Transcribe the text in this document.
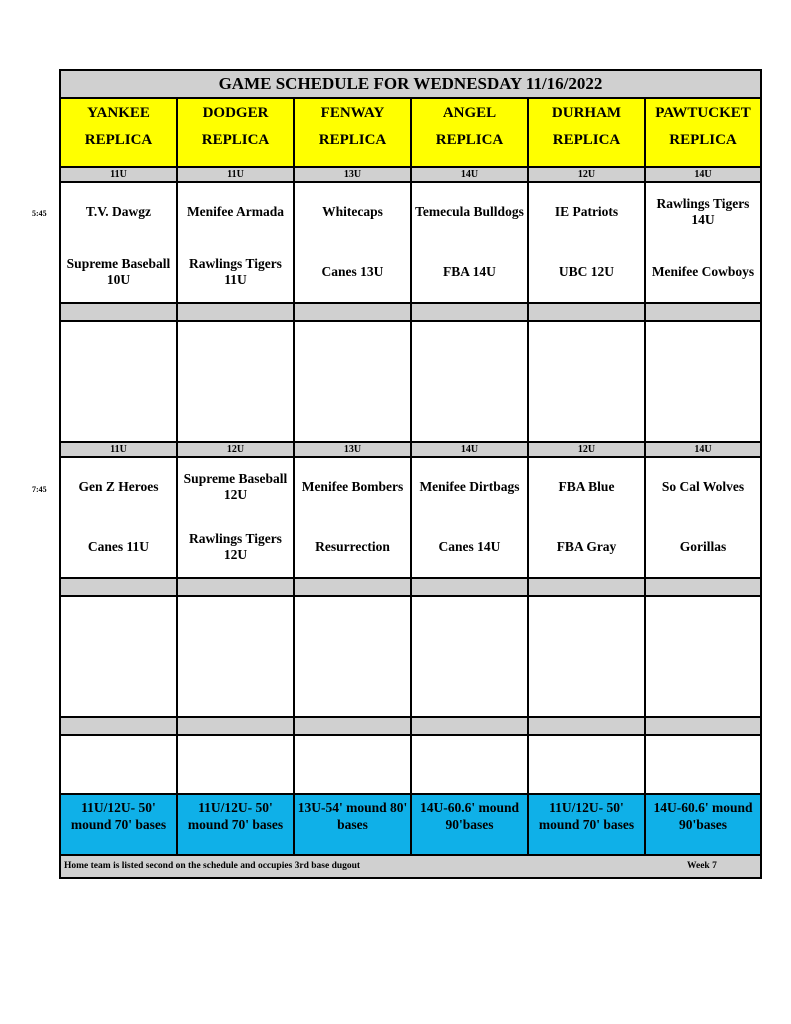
5:45
7:45
GAME SCHEDULE FOR WEDNESDAY 11/16/2022
YANKEE
REPLICA
11U
T.V. Dawgz
Supreme Baseball 10U
11U
Gen Z Heroes
Canes 11U
11U/12U- 50' mound 70' bases
DODGER
REPLICA
11U
Menifee Armada
Rawlings Tigers 11U
12U
Supreme Baseball 12U
Rawlings Tigers 12U
11U/12U- 50' mound 70' bases
FENWAY
REPLICA
13U
Whitecaps
Canes 13U
13U
Menifee Bombers
Resurrection
13U-54' mound 80' bases
ANGEL
REPLICA
14U
Temecula Bulldogs
FBA 14U
14U
Menifee Dirtbags
Canes 14U
14U-60.6' mound 90'bases
DURHAM
REPLICA
12U
IE Patriots
UBC 12U
12U
FBA Blue
FBA Gray
11U/12U- 50' mound 70' bases
PAWTUCKET
REPLICA
14U
Rawlings Tigers 14U
Menifee Cowboys
14U
So Cal Wolves
Gorillas
14U-60.6' mound 90'bases
Home team is listed second on the schedule and occupies 3rd base dugout	Week 7
